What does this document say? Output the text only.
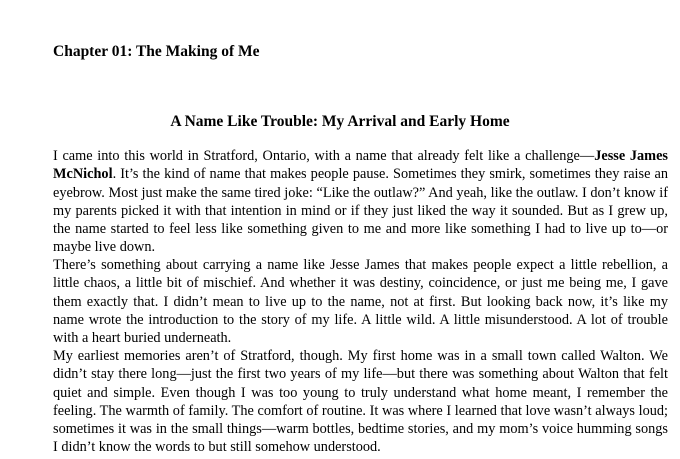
Chapter 01: The Making of Me
A Name Like Trouble: My Arrival and Early Home

I came into this world in Stratford, Ontario, with a name that already felt like a challenge—Jesse James McNichol. It’s the kind of name that makes people pause. Sometimes they smirk, sometimes they raise an eyebrow. Most just make the same tired joke: “Like the outlaw?” And yeah, like the outlaw. I don’t know if my parents picked it with that intention in mind or if they just liked the way it sounded. But as I grew up, the name started to feel less like something given to me and more like something I had to live up to—or maybe live down.

There’s something about carrying a name like Jesse James that makes people expect a little rebellion, a little chaos, a little bit of mischief. And whether it was destiny, coincidence, or just me being me, I gave them exactly that. I didn’t mean to live up to the name, not at first. But looking back now, it’s like my name wrote the introduction to the story of my life. A little wild. A little misunderstood. A lot of trouble with a heart buried underneath.

My earliest memories aren’t of Stratford, though. My first home was in a small town called Walton. We didn’t stay there long—just the first two years of my life—but there was something about Walton that felt quiet and simple. Even though I was too young to truly understand what home meant, I remember the feeling. The warmth of family. The comfort of routine. It was where I learned that love wasn’t always loud; sometimes it was in the small things—warm bottles, bedtime stories, and my mom’s voice humming songs I didn’t know the words to but still somehow understood.
